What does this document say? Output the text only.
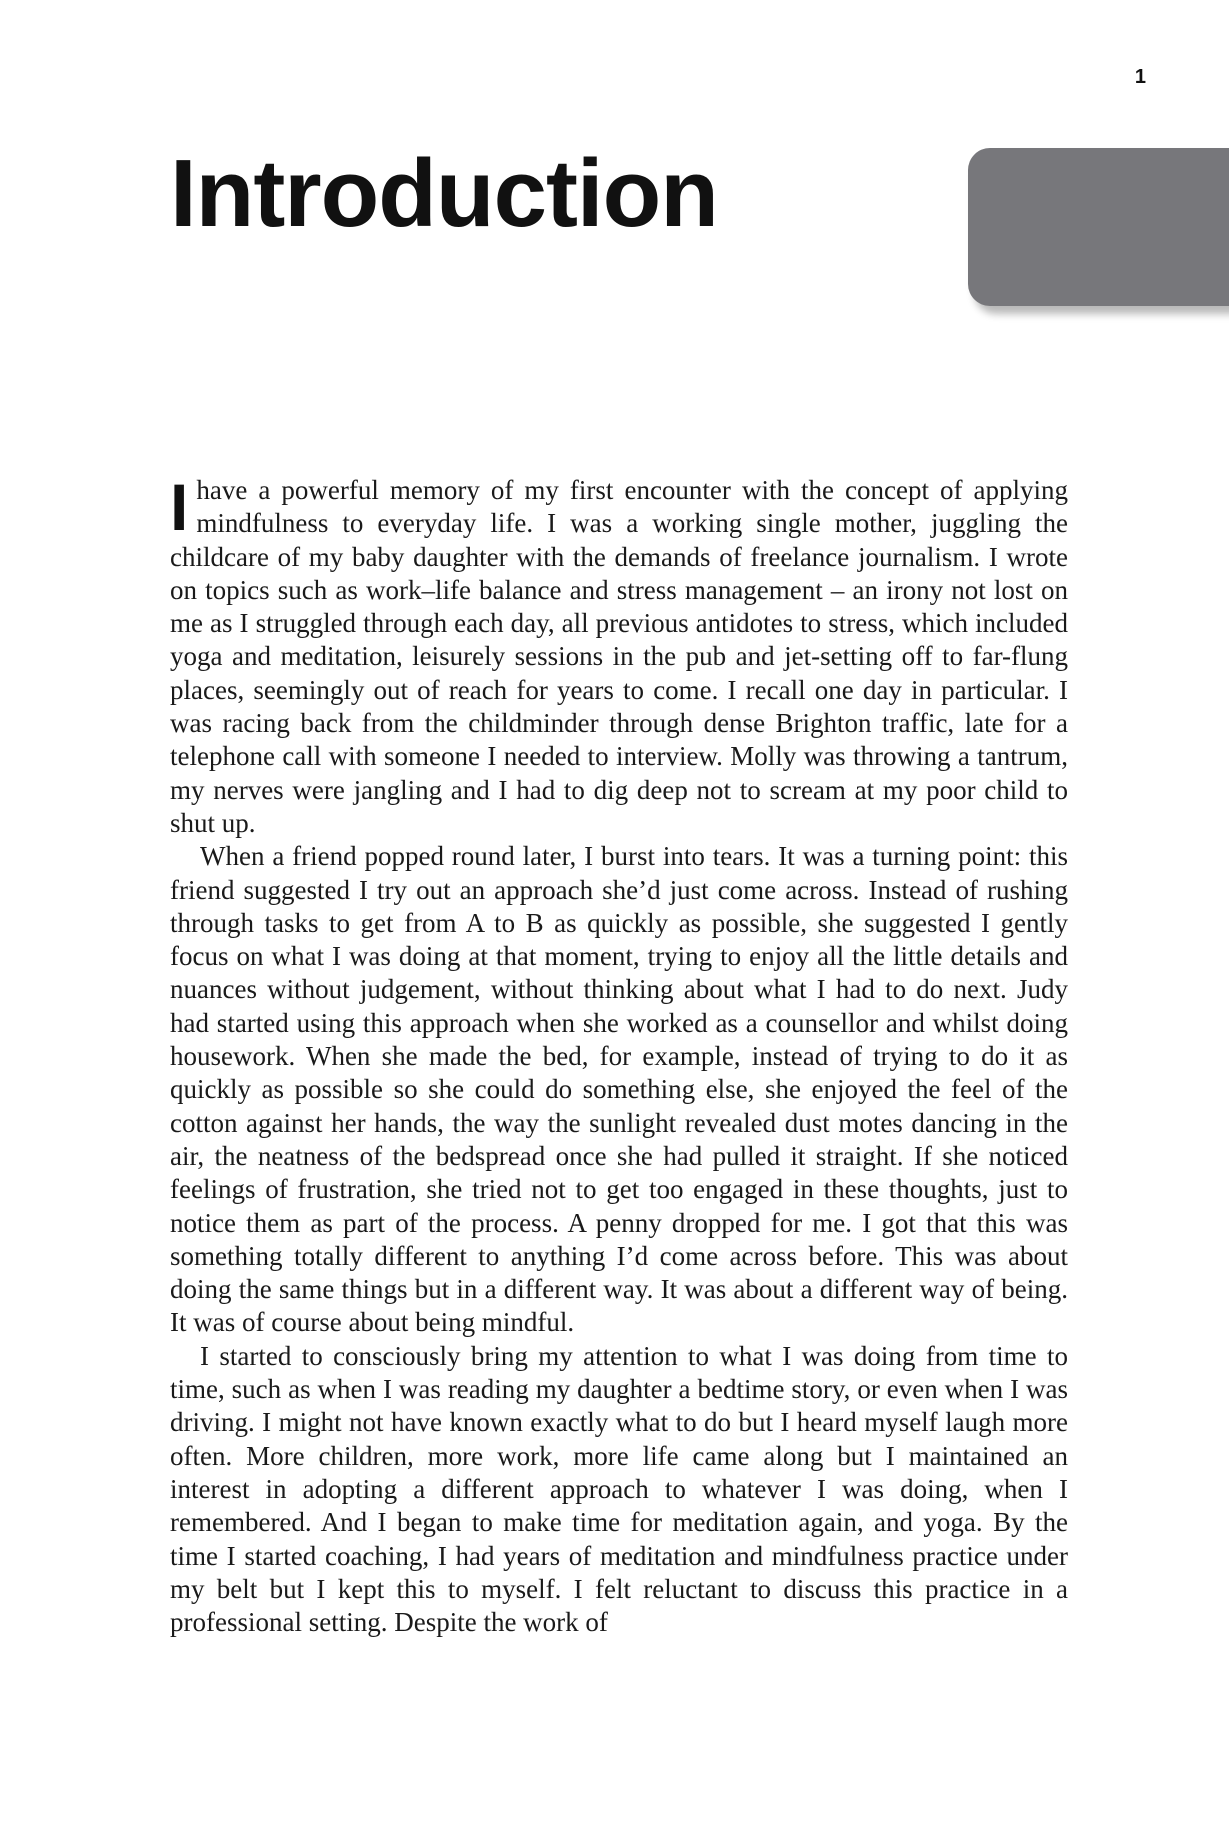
1
Introduction

I have a powerful memory of my first encounter with the concept of applying mindfulness to everyday life. I was a working single mother, juggling the childcare of my baby daughter with the demands of freelance journalism. I wrote on topics such as work–life balance and stress management – an irony not lost on me as I struggled through each day, all previous antidotes to stress, which included yoga and meditation, leisurely sessions in the pub and jet-setting off to far-flung places, seemingly out of reach for years to come. I recall one day in particular. I was racing back from the childminder through dense Brighton traffic, late for a telephone call with someone I needed to interview. Molly was throwing a tantrum, my nerves were jangling and I had to dig deep not to scream at my poor child to shut up.

When a friend popped round later, I burst into tears. It was a turning point: this friend suggested I try out an approach she’d just come across. Instead of rushing through tasks to get from A to B as quickly as possible, she suggested I gently focus on what I was doing at that moment, trying to enjoy all the little details and nuances without judgement, without thinking about what I had to do next. Judy had started using this approach when she worked as a counsellor and whilst doing housework. When she made the bed, for example, instead of trying to do it as quickly as possible so she could do something else, she enjoyed the feel of the cotton against her hands, the way the sunlight revealed dust motes dancing in the air, the neatness of the bedspread once she had pulled it straight. If she noticed feelings of frustration, she tried not to get too engaged in these thoughts, just to notice them as part of the process. A penny dropped for me. I got that this was something totally different to anything I’d come across before. This was about doing the same things but in a different way. It was about a different way of being. It was of course about being mindful.

I started to consciously bring my attention to what I was doing from time to time, such as when I was reading my daughter a bedtime story, or even when I was driving. I might not have known exactly what to do but I heard myself laugh more often. More children, more work, more life came along but I maintained an interest in adopting a different approach to whatever I was doing, when I remembered. And I began to make time for meditation again, and yoga. By the time I started coaching, I had years of meditation and mindfulness practice under my belt but I kept this to myself. I felt reluctant to discuss this practice in a professional setting. Despite the work of
